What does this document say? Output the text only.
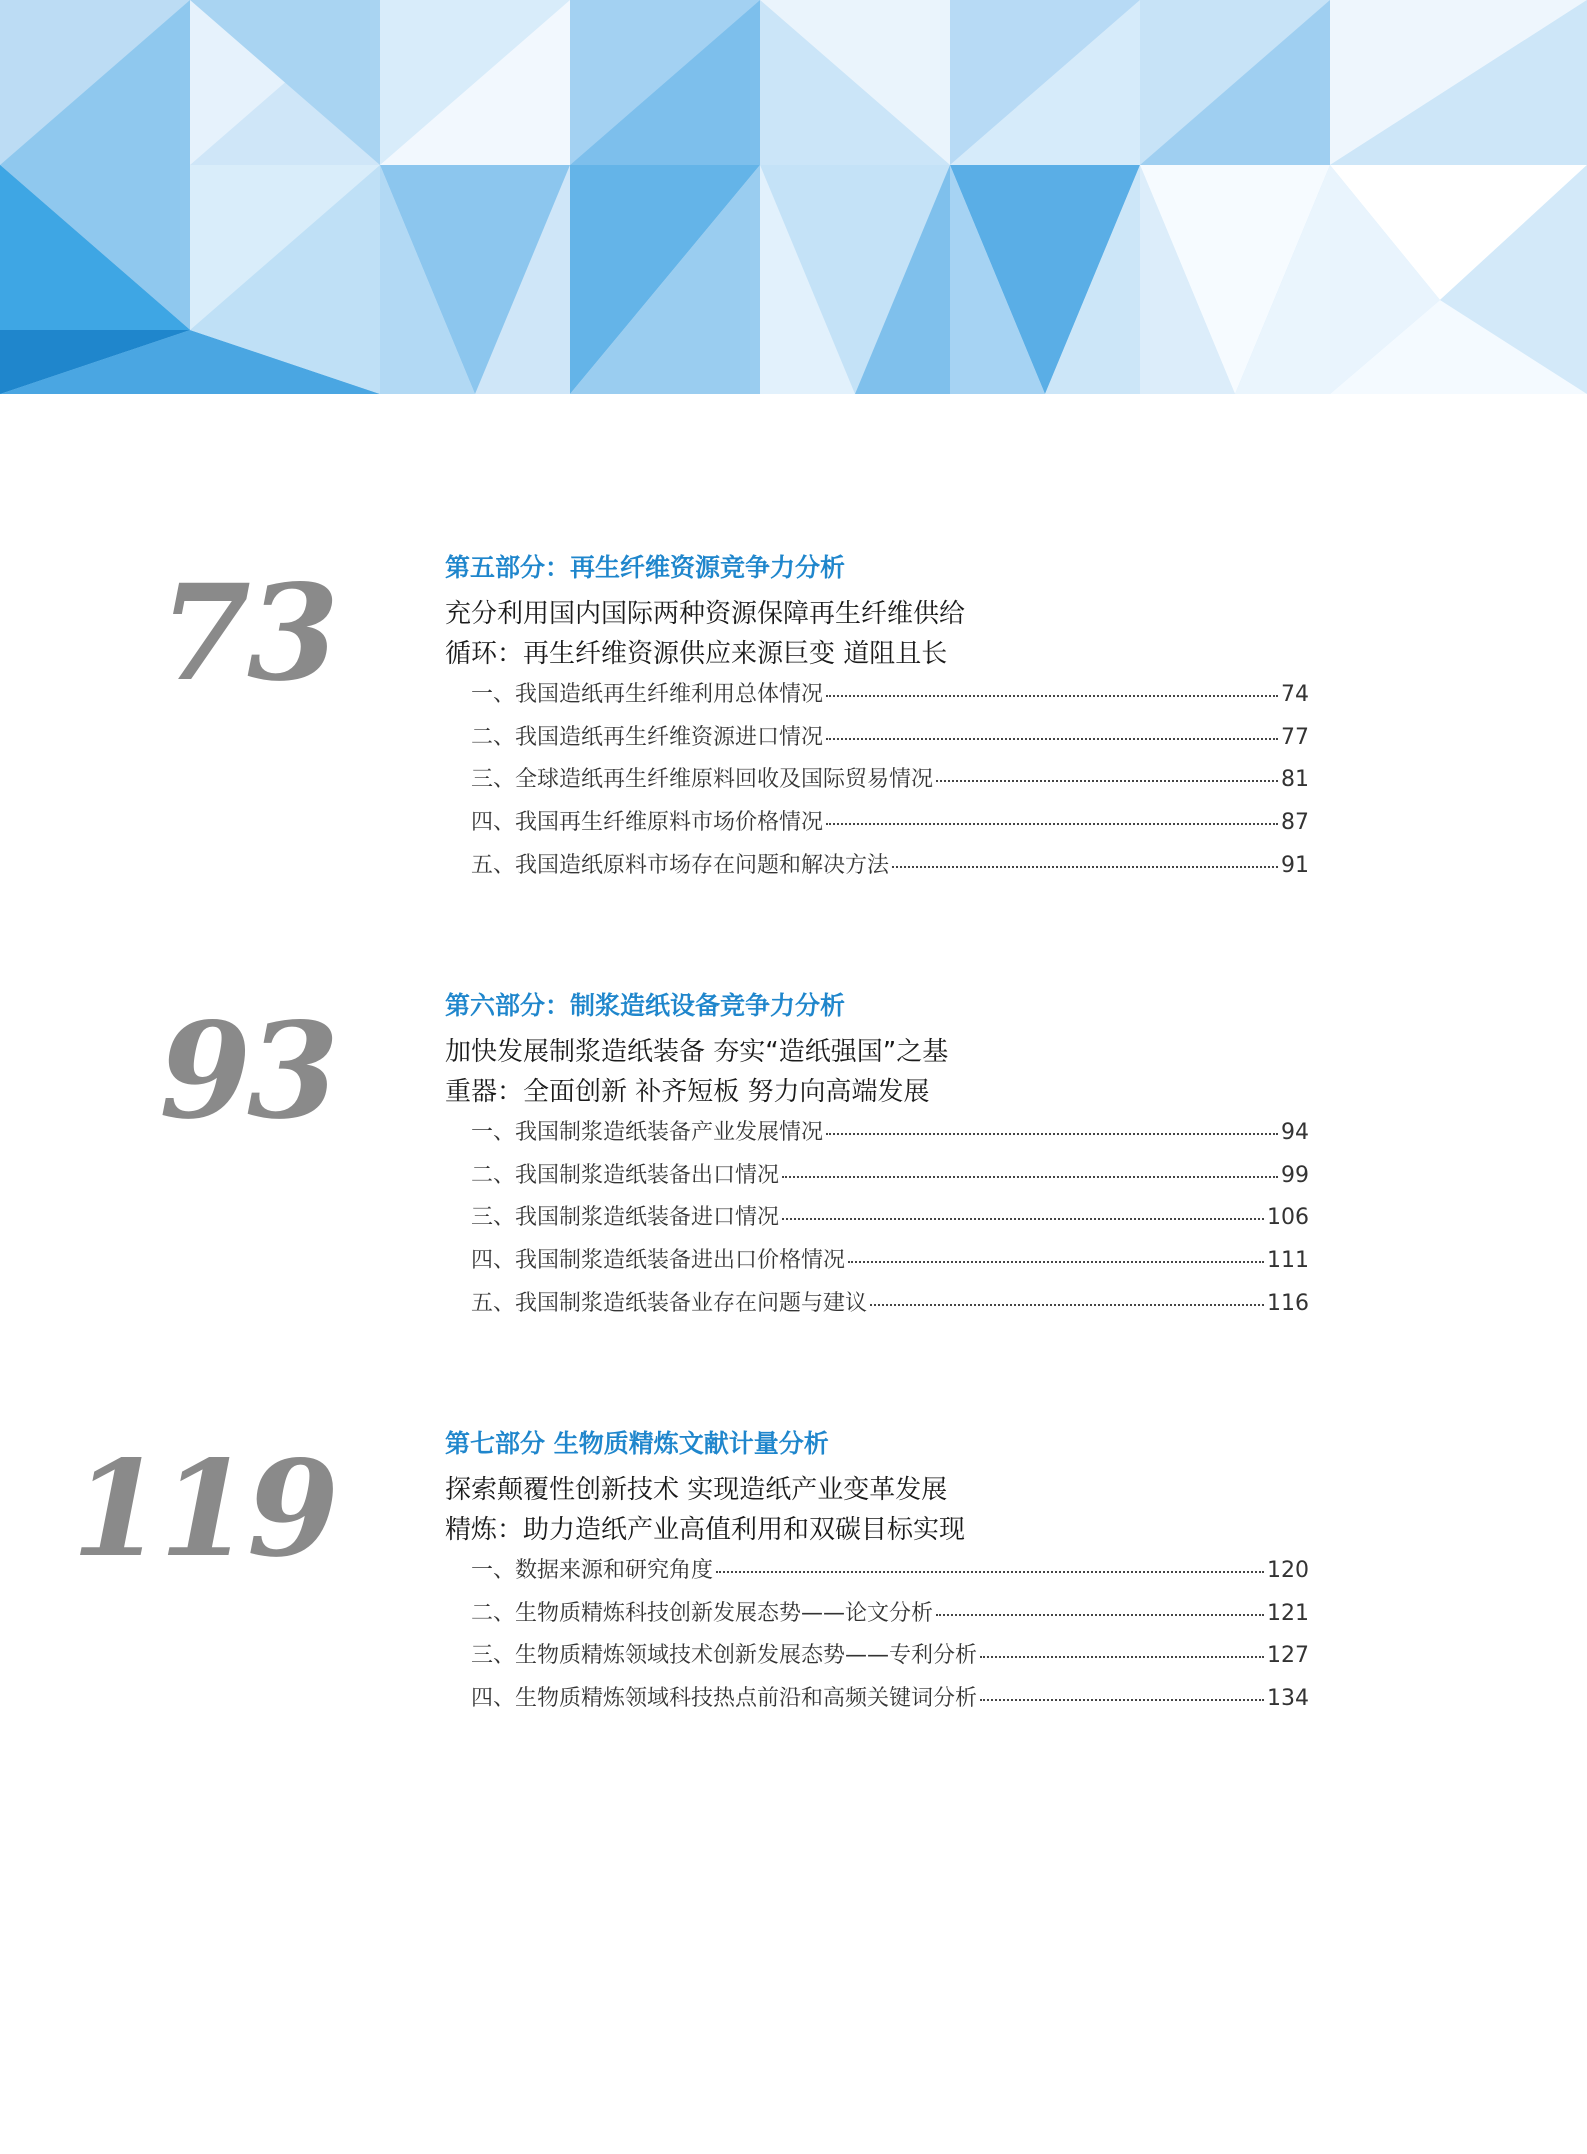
73	第五部分：再生纤维资源竞争力分析
充分利用国内国际两种资源保障再生纤维供给
循环：再生纤维资源供应来源巨变 道阻且长
一、我国造纸再生纤维利用总体情况	74
二、我国造纸再生纤维资源进口情况	77
三、全球造纸再生纤维原料回收及国际贸易情况	81
四、我国再生纤维原料市场价格情况	87
五、我国造纸原料市场存在问题和解决方法	91
93	第六部分：制浆造纸设备竞争力分析
加快发展制浆造纸装备 夯实“造纸强国”之基
重器：全面创新 补齐短板 努力向高端发展
一、我国制浆造纸装备产业发展情况	94
二、我国制浆造纸装备出口情况	99
三、我国制浆造纸装备进口情况	106
四、我国制浆造纸装备进出口价格情况	111
五、我国制浆造纸装备业存在问题与建议	116
119	第七部分 生物质精炼文献计量分析
探索颠覆性创新技术 实现造纸产业变革发展
精炼：助力造纸产业高值利用和双碳目标实现
一、数据来源和研究角度	120
二、生物质精炼科技创新发展态势——论文分析	121
三、生物质精炼领域技术创新发展态势——专利分析	127
四、生物质精炼领域科技热点前沿和高频关键词分析	134
